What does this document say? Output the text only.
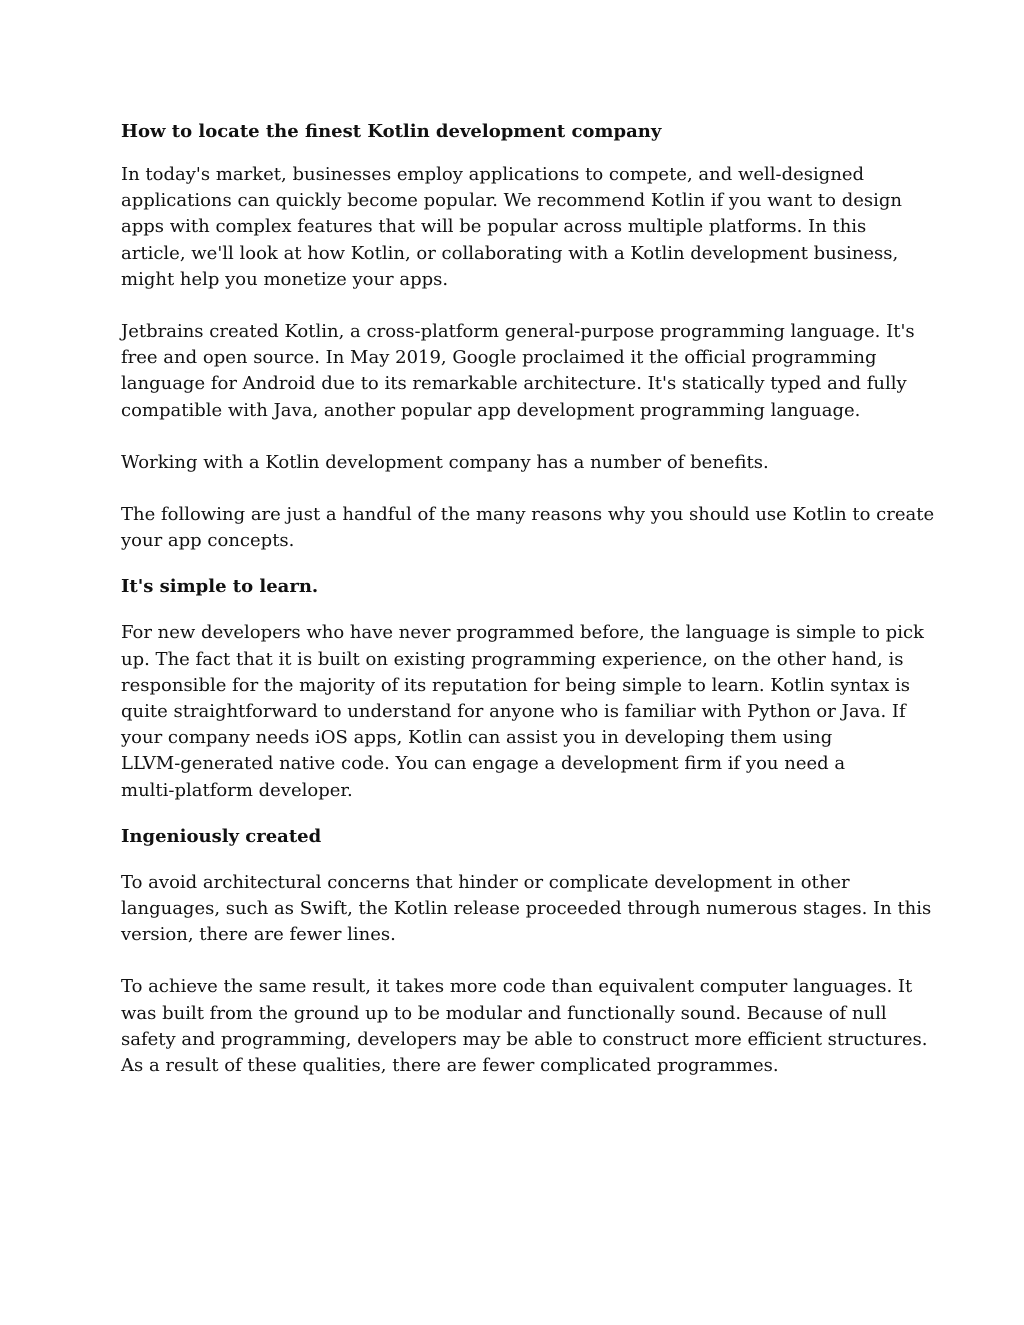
How to locate the finest Kotlin development company

In today's market, businesses employ applications to compete, and well-designed
applications can quickly become popular. We recommend Kotlin if you want to design
apps with complex features that will be popular across multiple platforms. In this
article, we'll look at how Kotlin, or collaborating with a Kotlin development business,
might help you monetize your apps.

Jetbrains created Kotlin, a cross-platform general-purpose programming language. It's
free and open source. In May 2019, Google proclaimed it the official programming
language for Android due to its remarkable architecture. It's statically typed and fully
compatible with Java, another popular app development programming language.

Working with a Kotlin development company has a number of benefits.

The following are just a handful of the many reasons why you should use Kotlin to create
your app concepts.

It's simple to learn.

For new developers who have never programmed before, the language is simple to pick
up. The fact that it is built on existing programming experience, on the other hand, is
responsible for the majority of its reputation for being simple to learn. Kotlin syntax is
quite straightforward to understand for anyone who is familiar with Python or Java. If
your company needs iOS apps, Kotlin can assist you in developing them using
LLVM-generated native code. You can engage a development firm if you need a
multi-platform developer.

Ingeniously created

To avoid architectural concerns that hinder or complicate development in other
languages, such as Swift, the Kotlin release proceeded through numerous stages. In this
version, there are fewer lines.

To achieve the same result, it takes more code than equivalent computer languages. It
was built from the ground up to be modular and functionally sound. Because of null
safety and programming, developers may be able to construct more efficient structures.
As a result of these qualities, there are fewer complicated programmes.
